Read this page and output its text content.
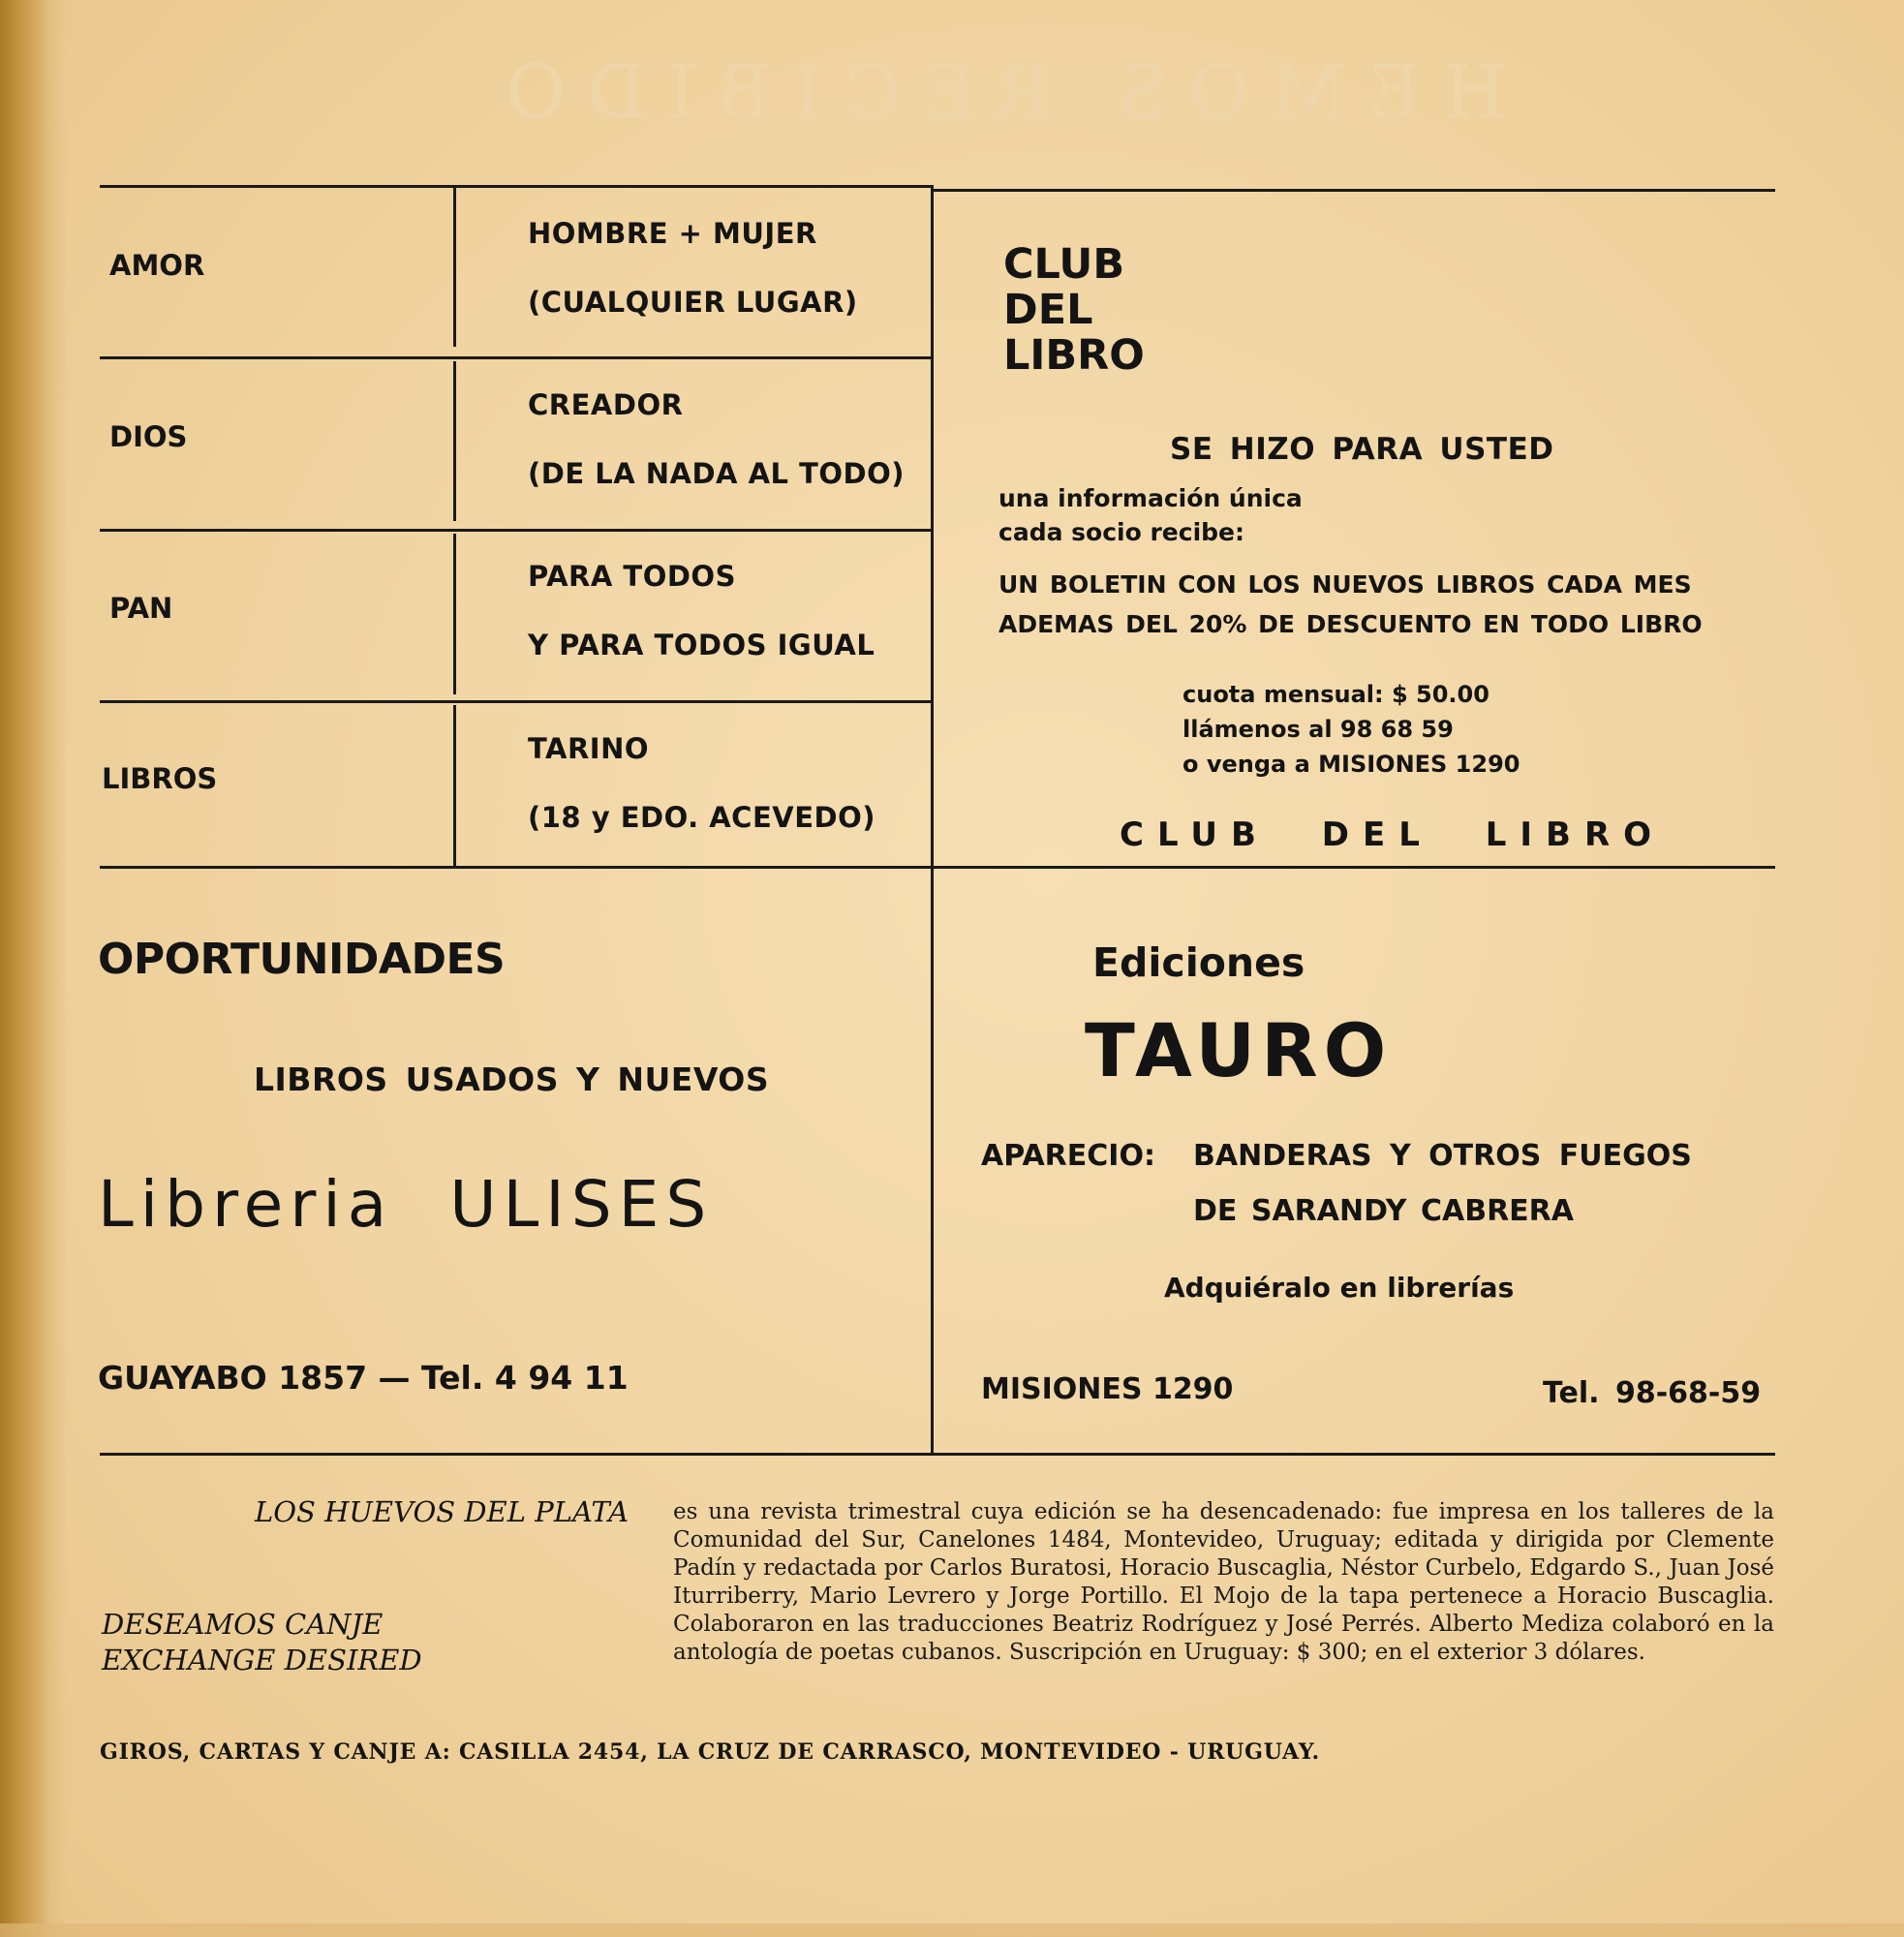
HEMOS RECIBIDO
AMOR
HOMBRE + MUJER
(CUALQUIER LUGAR)
DIOS
CREADOR
(DE LA NADA AL TODO)
PAN
PARA TODOS
Y PARA TODOS IGUAL
LIBROS
TARINO
(18 y EDO. ACEVEDO)
CLUB
DEL
LIBRO
SE HIZO PARA USTED
una información única
cada socio recibe:
UN BOLETIN CON LOS NUEVOS LIBROS CADA MES
ADEMAS DEL 20% DE DESCUENTO EN TODO LIBRO
cuota mensual: $ 50.00
llámenos al 98 68 59
o venga a MISIONES 1290
CLUB DEL LIBRO
OPORTUNIDADES
LIBROS USADOS Y NUEVOS
Libreria ULISES
GUAYABO 1857 — Tel. 4 94 11
Ediciones
TAURO
APARECIO: BANDERAS Y OTROS FUEGOS
DE SARANDY CABRERA
Adquiéralo en librerías
MISIONES 1290	Tel. 98-68-59
LOS HUEVOS DEL PLATA es una revista trimestral cuya edición se ha desencadenado: fue impresa en los talleres de la Comunidad del Sur, Canelones 1484, Montevideo, Uruguay; editada y dirigida por Clemente Padín y redactada por Carlos Buratosi, Horacio Buscaglia, Néstor Curbelo, Edgardo S., Juan José Iturriberry, Mario Levrero y Jorge Portillo. El Mojo de la tapa pertenece a Horacio Buscaglia. Colaboraron en las traducciones Beatriz Rodríguez y José Perrés. Alberto Mediza colaboró en la antología de poetas cubanos. Suscripción en Uruguay: $ 300; en el exterior 3 dólares.

DESEAMOS CANJE
EXCHANGE DESIRED
GIROS, CARTAS Y CANJE A: CASILLA 2454, LA CRUZ DE CARRASCO, MONTEVIDEO - URUGUAY.
